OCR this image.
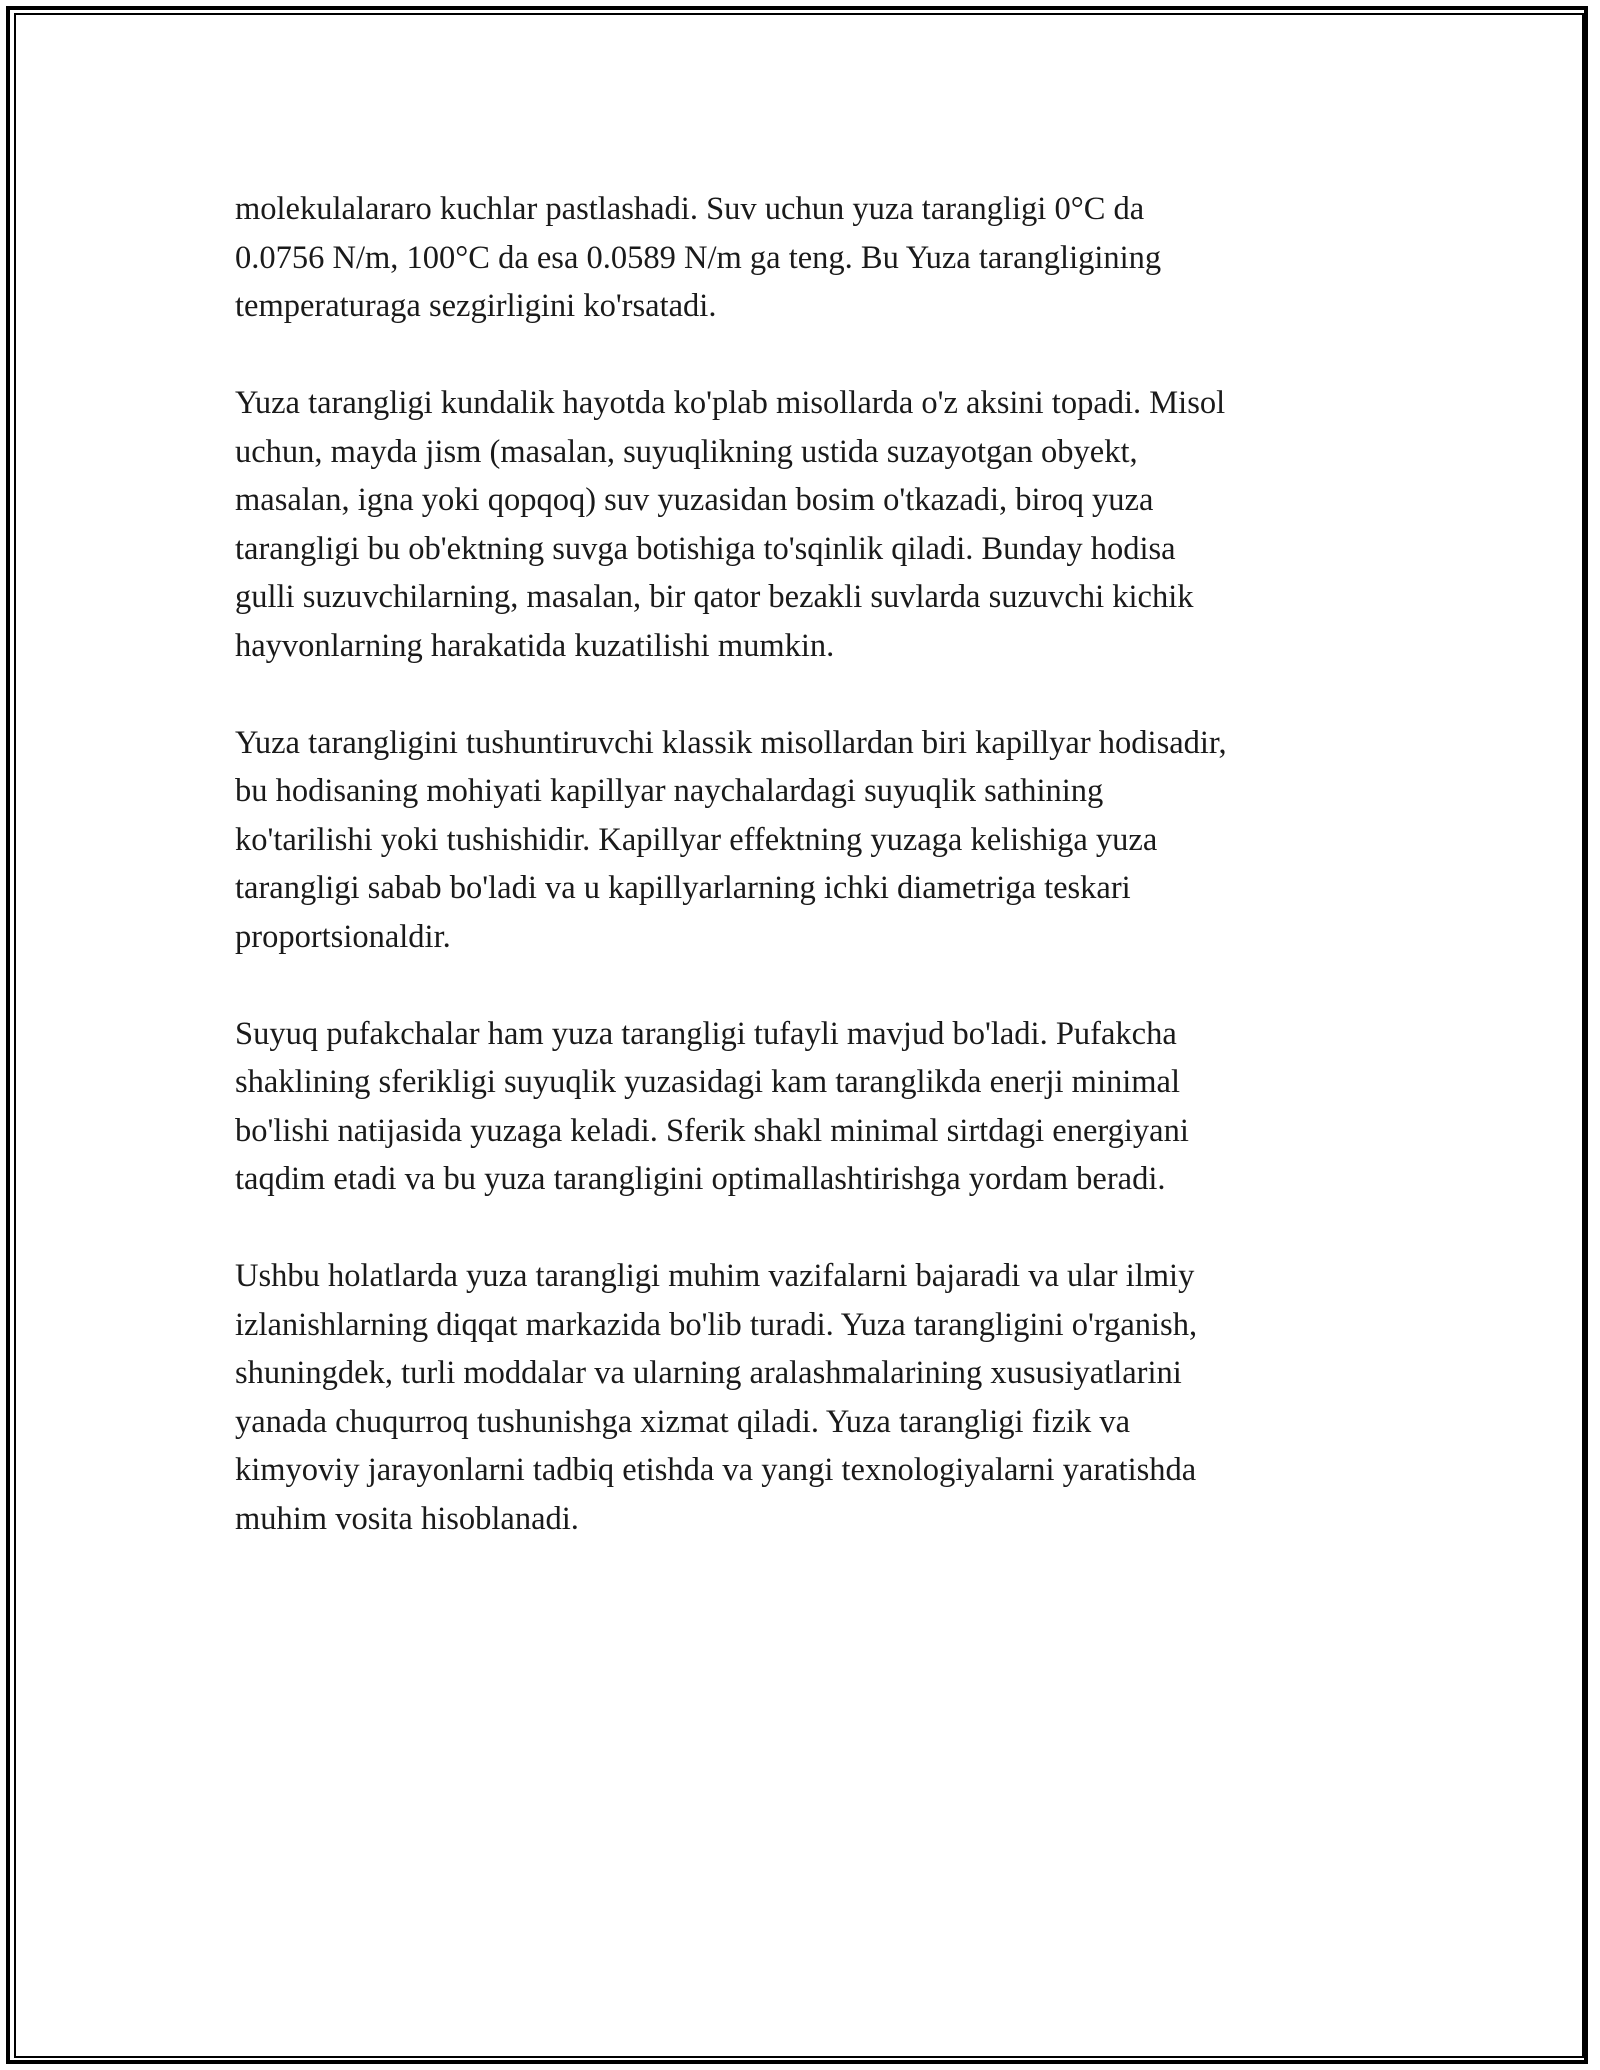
molekulalararo kuchlar pastlashadi. Suv uchun yuza tarangligi 0°C da
0.0756 N/m, 100°C da esa 0.0589 N/m ga teng. Bu Yuza tarangligining
temperaturaga sezgirligini ko'rsatadi.

Yuza tarangligi kundalik hayotda ko'plab misollarda o'z aksini topadi. Misol
uchun, mayda jism (masalan, suyuqlikning ustida suzayotgan obyekt,
masalan, igna yoki qopqoq) suv yuzasidan bosim o'tkazadi, biroq yuza
tarangligi bu ob'ektning suvga botishiga to'sqinlik qiladi. Bunday hodisa
gulli suzuvchilarning, masalan, bir qator bezakli suvlarda suzuvchi kichik
hayvonlarning harakatida kuzatilishi mumkin.

Yuza tarangligini tushuntiruvchi klassik misollardan biri kapillyar hodisadir,
bu hodisaning mohiyati kapillyar naychalardagi suyuqlik sathining
ko'tarilishi yoki tushishidir. Kapillyar effektning yuzaga kelishiga yuza
tarangligi sabab bo'ladi va u kapillyarlarning ichki diametriga teskari
proportsionaldir.

Suyuq pufakchalar ham yuza tarangligi tufayli mavjud bo'ladi. Pufakcha
shaklining sferikligi suyuqlik yuzasidagi kam taranglikda enerji minimal
bo'lishi natijasida yuzaga keladi. Sferik shakl minimal sirtdagi energiyani
taqdim etadi va bu yuza tarangligini optimallashtirishga yordam beradi.

Ushbu holatlarda yuza tarangligi muhim vazifalarni bajaradi va ular ilmiy
izlanishlarning diqqat markazida bo'lib turadi. Yuza tarangligini o'rganish,
shuningdek, turli moddalar va ularning aralashmalarining xususiyatlarini
yanada chuqurroq tushunishga xizmat qiladi. Yuza tarangligi fizik va
kimyoviy jarayonlarni tadbiq etishda va yangi texnologiyalarni yaratishda
muhim vosita hisoblanadi.
